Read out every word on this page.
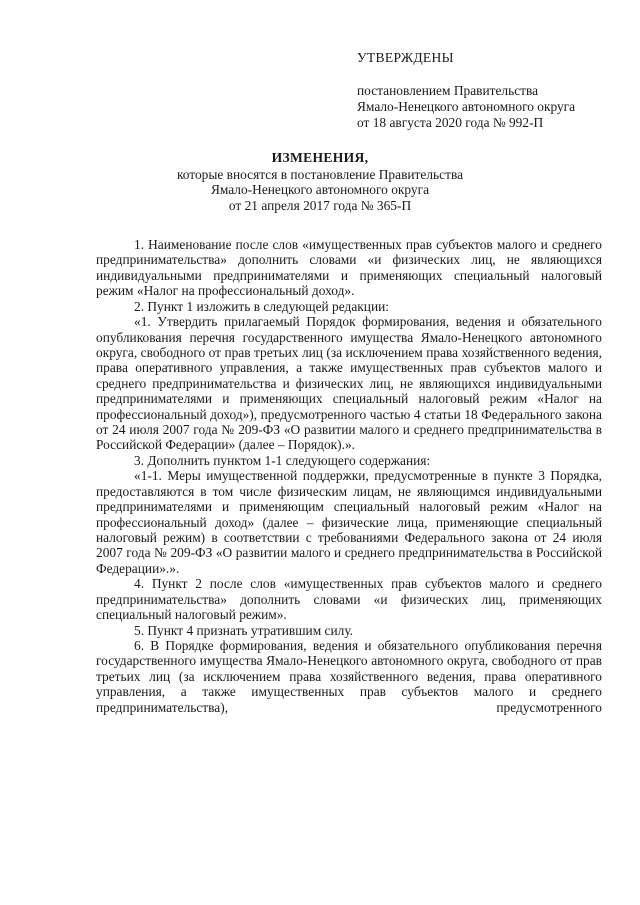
УТВЕРЖДЕНЫ
постановлением Правительства
Ямало-Ненецкого автономного округа
от 18 августа 2020 года № 992-П
ИЗМЕНЕНИЯ,
которые вносятся в постановление Правительства
Ямало-Ненецкого автономного округа
от 21 апреля 2017 года № 365-П

1. Наименование после слов «имущественных прав субъектов малого и среднего предпринимательства» дополнить словами «и физических лиц, не являющихся индивидуальными предпринимателями и применяющих специальный налоговый режим «Налог на профессиональный доход».

2. Пункт 1 изложить в следующей редакции:

«1. Утвердить прилагаемый Порядок формирования, ведения и обязательного опубликования перечня государственного имущества Ямало-Ненецкого автономного округа, свободного от прав третьих лиц (за исключением права хозяйственного ведения, права оперативного управления, а также имущественных прав субъектов малого и среднего предпринимательства и физических лиц, не являющихся индивидуальными предпринимателями и применяющих специальный налоговый режим «Налог на профессиональный доход»), предусмотренного частью 4 статьи 18 Федерального закона от 24 июля 2007 года № 209-ФЗ «О развитии малого и среднего предпринимательства в Российской Федерации» (далее – Порядок).».

3. Дополнить пунктом 1-1 следующего содержания:

«1-1. Меры имущественной поддержки, предусмотренные в пункте 3 Порядка, предоставляются в том числе физическим лицам, не являющимся индивидуальными предпринимателями и применяющим специальный налоговый режим «Налог на профессиональный доход» (далее – физические лица, применяющие специальный налоговый режим) в соответствии с требованиями Федерального закона от 24 июля 2007 года № 209-ФЗ «О развитии малого и среднего предпринимательства в Российской Федерации».».

4. Пункт 2 после слов «имущественных прав субъектов малого и среднего предпринимательства» дополнить словами «и физических лиц, применяющих специальный налоговый режим».

5. Пункт 4 признать утратившим силу.

6. В Порядке формирования, ведения и обязательного опубликования перечня государственного имущества Ямало-Ненецкого автономного округа, свободного от прав третьих лиц (за исключением права хозяйственного ведения, права оперативного управления, а также имущественных прав субъектов малого и среднего предпринимательства), предусмотренного
